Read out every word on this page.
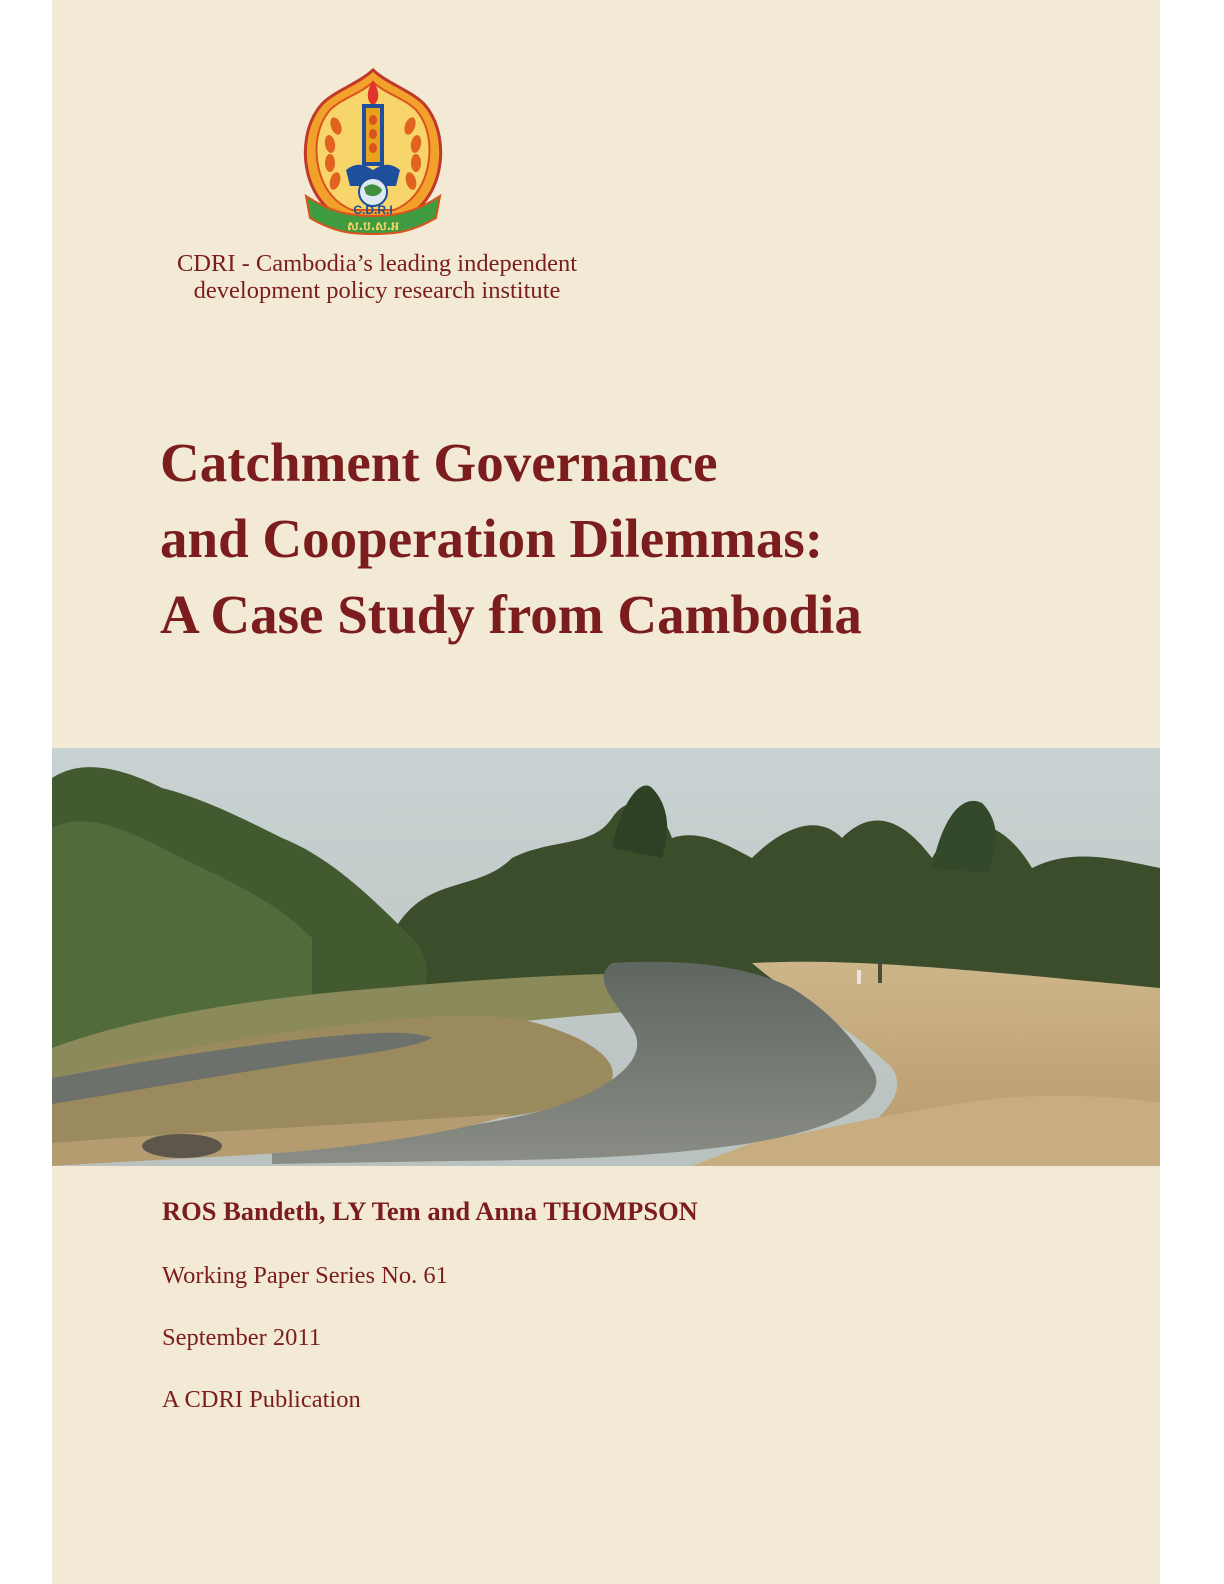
C.D.R.I
ស.ប.ស.អ
CDRI - Cambodia’s leading independent
development policy research institute
Catchment Governance
and Cooperation Dilemmas:
A Case Study from Cambodia
ROS Bandeth, LY Tem and Anna THOMPSON
Working Paper Series No. 61
September 2011
A CDRI Publication
